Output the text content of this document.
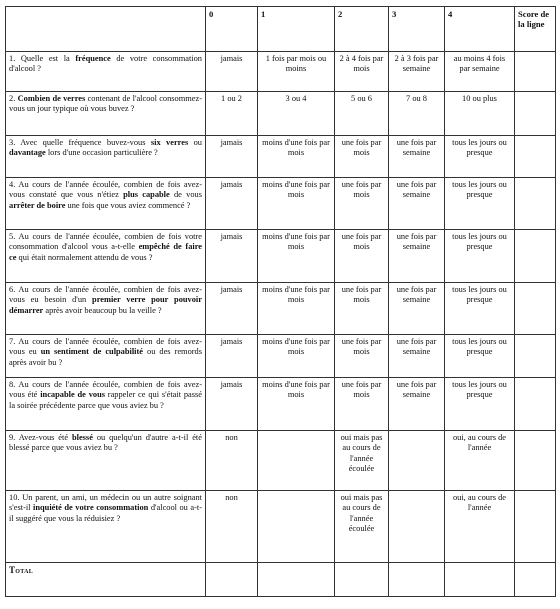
	0	1	2	3	4	Score de la ligne
1. Quelle est la fréquence de votre consommation d'alcool ?	jamais	1 fois par mois ou moins	2 à 4 fois par mois	2 à 3 fois par semaine	au moins 4 fois par semaine	
2. Combien de verres contenant de l'alcool consommez-vous un jour typique où vous buvez ?	1 ou 2	3 ou 4	5 ou 6	7 ou 8	10 ou plus	
3. Avec quelle fréquence buvez-vous six verres ou davantage lors d'une occasion particulière ?	jamais	moins d'une fois par mois	une fois par mois	une fois par semaine	tous les jours ou presque	
4. Au cours de l'année écoulée, combien de fois avez-vous constaté que vous n'étiez plus capable de vous arrêter de boire une fois que vous aviez commencé ?	jamais	moins d'une fois par mois	une fois par mois	une fois par semaine	tous les jours ou presque	
5. Au cours de l'année écoulée, combien de fois votre consommation d'alcool vous a-t-elle empêché de faire ce qui était normalement attendu de vous ?	jamais	moins d'une fois par mois	une fois par mois	une fois par semaine	tous les jours ou presque	
6. Au cours de l'année écoulée, combien de fois avez-vous eu besoin d'un premier verre pour pouvoir démarrer après avoir beaucoup bu la veille ?	jamais	moins d'une fois par mois	une fois par mois	une fois par semaine	tous les jours ou presque	
7. Au cours de l'année écoulée, combien de fois avez-vous eu un sentiment de culpabilité ou des remords après avoir bu ?	jamais	moins d'une fois par mois	une fois par mois	une fois par semaine	tous les jours ou presque	
8. Au cours de l'année écoulée, combien de fois avez-vous été incapable de vous rappeler ce qui s'était passé la soirée précédente parce que vous aviez bu ?	jamais	moins d'une fois par mois	une fois par mois	une fois par semaine	tous les jours ou presque	
9. Avez-vous été blessé ou quelqu'un d'autre a-t-il été blessé parce que vous aviez bu ?	non		oui mais pas au cours de l'année écoulée		oui, au cours de l'année	
10. Un parent, un ami, un médecin ou un autre soignant s'est-il inquiété de votre consommation d'alcool ou a-t-il suggéré que vous la réduisiez ?	non		oui mais pas au cours de l'année écoulée		oui, au cours de l'année	
Total						
